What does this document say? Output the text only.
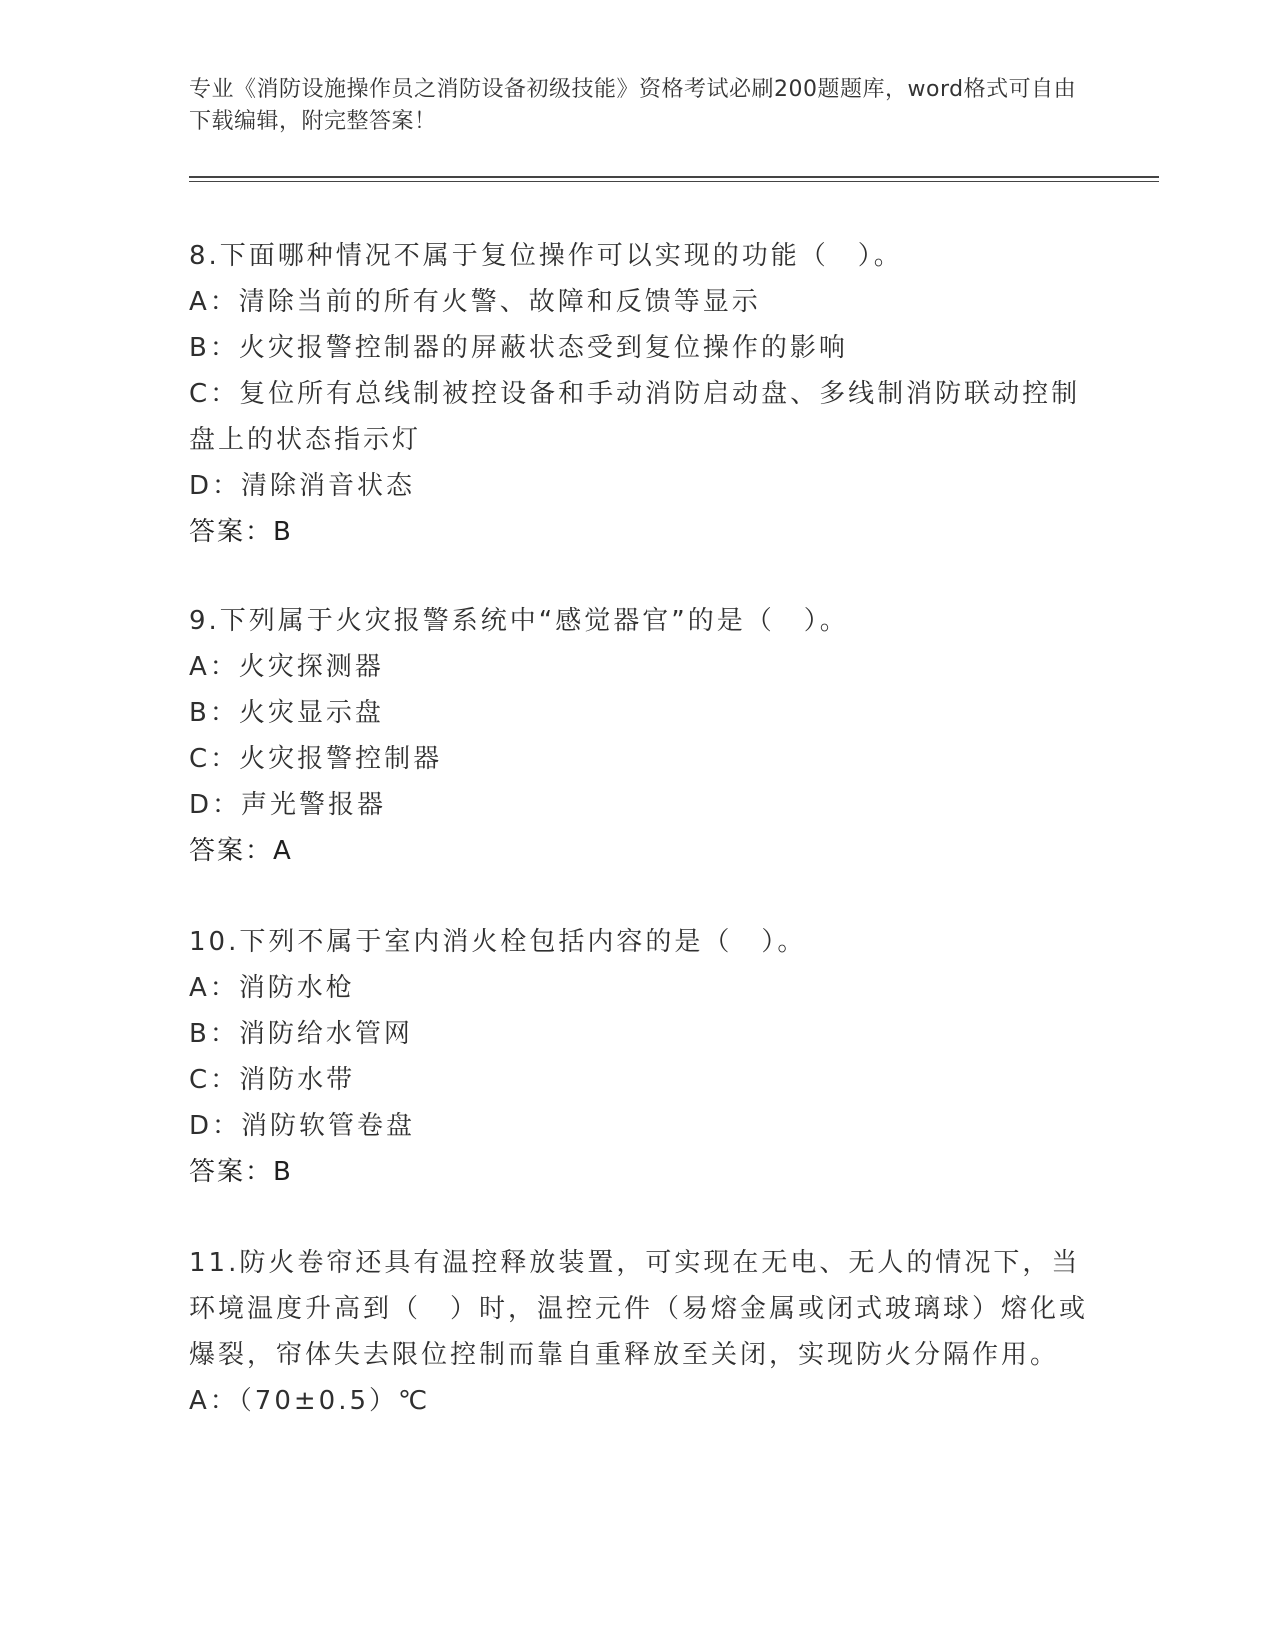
专业《消防设施操作员之消防设备初级技能》资格考试必刷200题题库，word格式可自由下载编辑，附完整答案！

8.下面哪种情况不属于复位操作可以实现的功能（　）。

A：清除当前的所有火警、故障和反馈等显示

B：火灾报警控制器的屏蔽状态受到复位操作的影响

C：复位所有总线制被控设备和手动消防启动盘、多线制消防联动控制盘上的状态指示灯

D：清除消音状态

答案：B

9.下列属于火灾报警系统中“感觉器官”的是（　）。

A：火灾探测器

B：火灾显示盘

C：火灾报警控制器

D：声光警报器

答案：A

10.下列不属于室内消火栓包括内容的是（　）。

A：消防水枪

B：消防给水管网

C：消防水带

D：消防软管卷盘

答案：B

11.防火卷帘还具有温控释放装置，可实现在无电、无人的情况下，当环境温度升高到（　）时，温控元件（易熔金属或闭式玻璃球）熔化或爆裂，帘体失去限位控制而靠自重释放至关闭，实现防火分隔作用。

A：（70±0.5）℃
